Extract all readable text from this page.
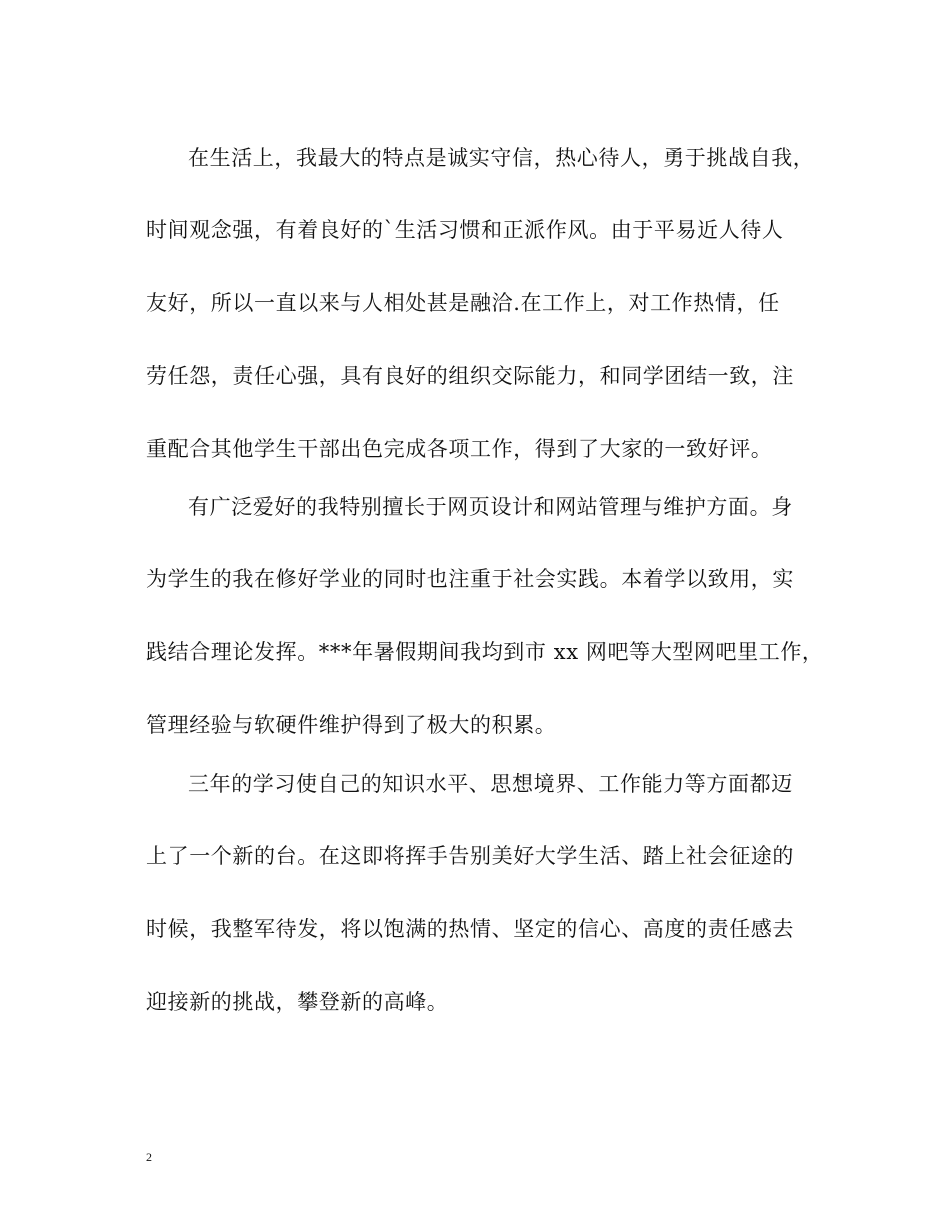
在生活上，我最大的特点是诚实守信，热心待人，勇于挑战自我，
时间观念强，有着良好的`生活习惯和正派作风。由于平易近人待人
友好，所以一直以来与人相处甚是融洽.在工作上，对工作热情，任
劳任怨，责任心强，具有良好的组织交际能力，和同学团结一致，注
重配合其他学生干部出色完成各项工作，得到了大家的一致好评。
有广泛爱好的我特别擅长于网页设计和网站管理与维护方面。身
为学生的我在修好学业的同时也注重于社会实践。本着学以致用，实
践结合理论发挥。***年暑假期间我均到市 xx 网吧等大型网吧里工作，
管理经验与软硬件维护得到了极大的积累。
三年的学习使自己的知识水平、思想境界、工作能力等方面都迈
上了一个新的台。在这即将挥手告别美好大学生活、踏上社会征途的
时候，我整军待发，将以饱满的热情、坚定的信心、高度的责任感去
迎接新的挑战，攀登新的高峰。
2
